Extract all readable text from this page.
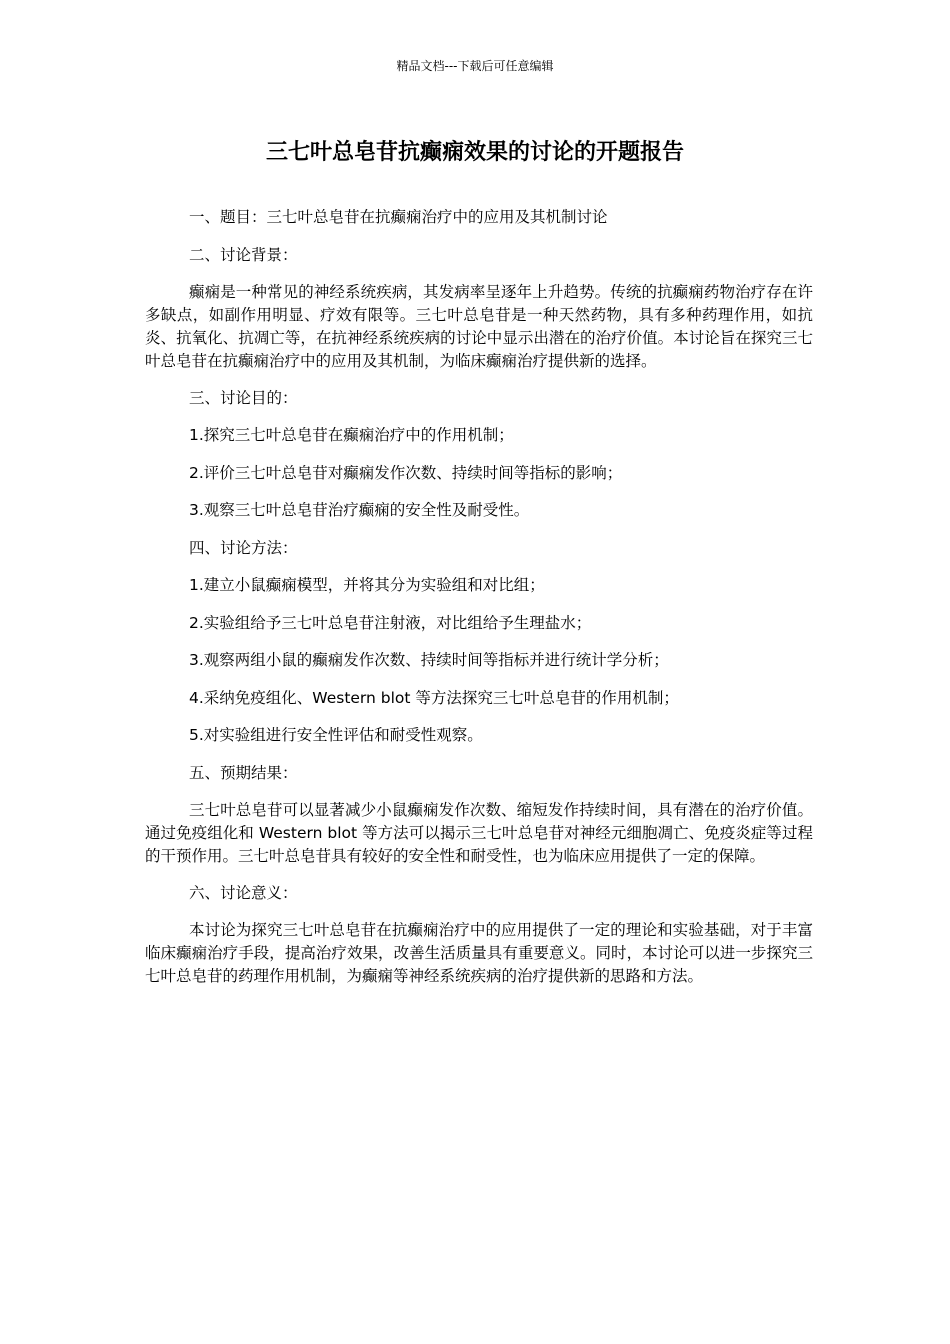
精品文档---下载后可任意编辑
三七叶总皂苷抗癫痫效果的讨论的开题报告

一、题目：三七叶总皂苷在抗癫痫治疗中的应用及其机制讨论

二、讨论背景：

癫痫是一种常见的神经系统疾病，其发病率呈逐年上升趋势。传统的抗癫痫药物治疗存在许多缺点，如副作用明显、疗效有限等。三七叶总皂苷是一种天然药物，具有多种药理作用，如抗炎、抗氧化、抗凋亡等，在抗神经系统疾病的讨论中显示出潜在的治疗价值。本讨论旨在探究三七叶总皂苷在抗癫痫治疗中的应用及其机制，为临床癫痫治疗提供新的选择。

三、讨论目的：

1.探究三七叶总皂苷在癫痫治疗中的作用机制；

2.评价三七叶总皂苷对癫痫发作次数、持续时间等指标的影响；

3.观察三七叶总皂苷治疗癫痫的安全性及耐受性。

四、讨论方法：

1.建立小鼠癫痫模型，并将其分为实验组和对比组；

2.实验组给予三七叶总皂苷注射液，对比组给予生理盐水；

3.观察两组小鼠的癫痫发作次数、持续时间等指标并进行统计学分析；

4.采纳免疫组化、Western blot 等方法探究三七叶总皂苷的作用机制；

5.对实验组进行安全性评估和耐受性观察。

五、预期结果：

三七叶总皂苷可以显著减少小鼠癫痫发作次数、缩短发作持续时间，具有潜在的治疗价值。通过免疫组化和 Western blot 等方法可以揭示三七叶总皂苷对神经元细胞凋亡、免疫炎症等过程的干预作用。三七叶总皂苷具有较好的安全性和耐受性，也为临床应用提供了一定的保障。

六、讨论意义：

本讨论为探究三七叶总皂苷在抗癫痫治疗中的应用提供了一定的理论和实验基础，对于丰富临床癫痫治疗手段，提高治疗效果，改善生活质量具有重要意义。同时，本讨论可以进一步探究三七叶总皂苷的药理作用机制，为癫痫等神经系统疾病的治疗提供新的思路和方法。
